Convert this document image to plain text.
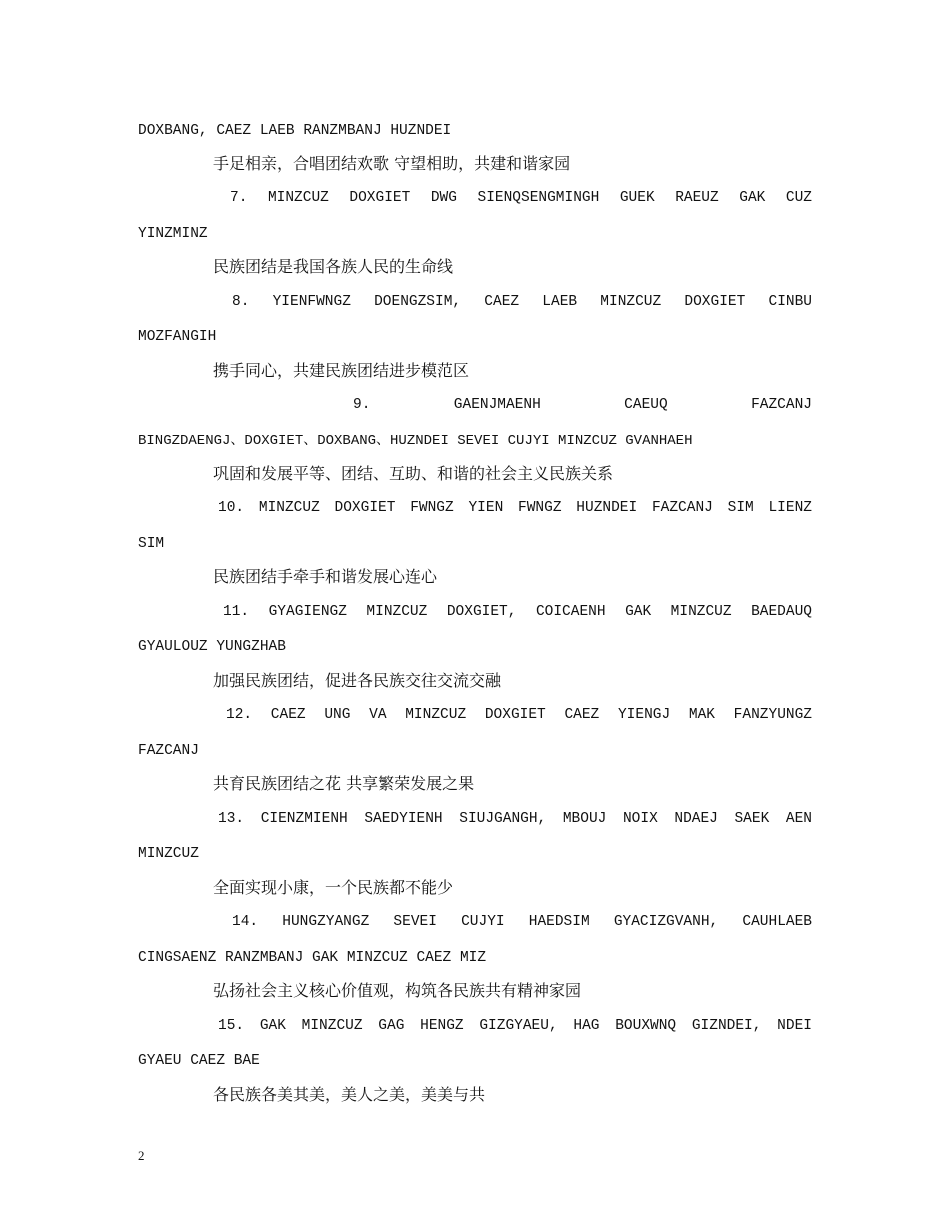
DOXBANG, CAEZ LAEB RANZMBANJ HUZNDEI
手足相亲，合唱团结欢歌 守望相助，共建和谐家园
7. MINZCUZ DOXGIET DWG SIENQSENGMINGH GUEK RAEUZ GAK CUZ
YINZMINZ
民族团结是我国各族人民的生命线
8. YIENFWNGZ DOENGZSIM, CAEZ LAEB MINZCUZ DOXGIET CINBU
MOZFANGIH
携手同心，共建民族团结进步模范区
9. GAENJMAENH CAEUQ FAZCANJ
BINGZDAENGJ、DOXGIET、DOXBANG、HUZNDEI SEVEI CUJYI MINZCUZ GVANHAEH
巩固和发展平等、团结、互助、和谐的社会主义民族关系
10. MINZCUZ DOXGIET FWNGZ YIEN FWNGZ HUZNDEI FAZCANJ SIM LIENZ
SIM
民族团结手牵手和谐发展心连心
11. GYAGIENGZ MINZCUZ DOXGIET, COICAENH GAK MINZCUZ BAEDAUQ
GYAULOUZ YUNGZHAB
加强民族团结，促进各民族交往交流交融
12. CAEZ UNG VA MINZCUZ DOXGIET CAEZ YIENGJ MAK FANZYUNGZ
FAZCANJ
共育民族团结之花 共享繁荣发展之果
13. CIENZMIENH SAEDYIENH SIUJGANGH, MBOUJ NOIX NDAEJ SAEK AEN
MINZCUZ
全面实现小康，一个民族都不能少
14. HUNGZYANGZ SEVEI CUJYI HAEDSIM GYACIZGVANH, CAUHLAEB
CINGSAENZ RANZMBANJ GAK MINZCUZ CAEZ MIZ
弘扬社会主义核心价值观，构筑各民族共有精神家园
15. GAK MINZCUZ GAG HENGZ GIZGYAEU, HAG BOUXWNQ GIZNDEI, NDEI
GYAEU CAEZ BAE
各民族各美其美，美人之美，美美与共
2
